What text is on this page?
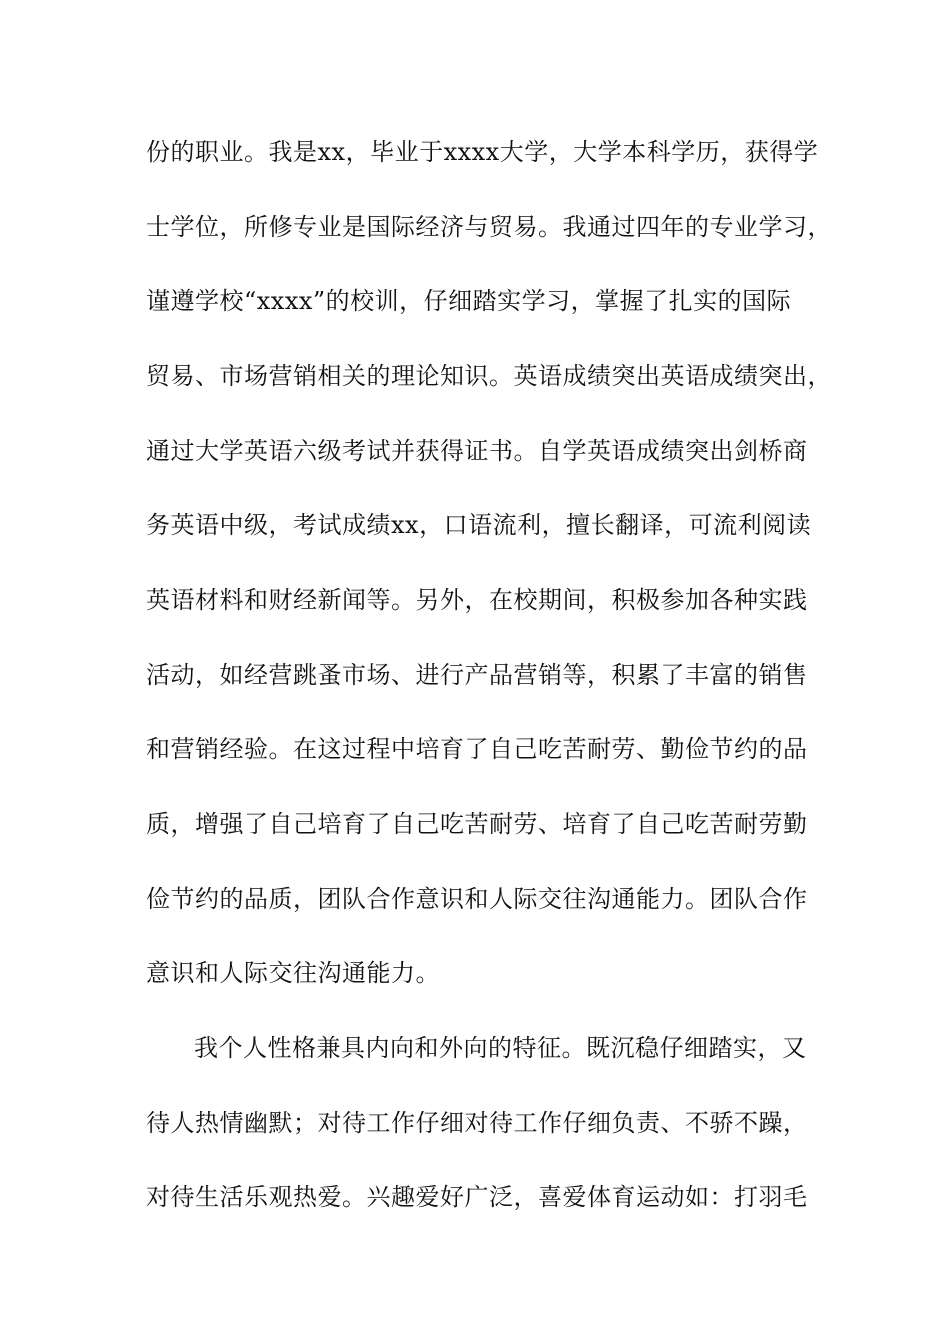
份的职业。我是xx，毕业于xxxx大学，大学本科学历，获得学
士学位，所修专业是国际经济与贸易。我通过四年的专业学习，
谨遵学校“xxxx”的校训，仔细踏实学习，掌握了扎实的国际
贸易、市场营销相关的理论知识。英语成绩突出英语成绩突出，
通过大学英语六级考试并获得证书。自学英语成绩突出剑桥商
务英语中级，考试成绩xx，口语流利，擅长翻译，可流利阅读
英语材料和财经新闻等。另外，在校期间，积极参加各种实践
活动，如经营跳蚤市场、进行产品营销等，积累了丰富的销售
和营销经验。在这过程中培育了自己吃苦耐劳、勤俭节约的品
质，增强了自己培育了自己吃苦耐劳、培育了自己吃苦耐劳勤
俭节约的品质，团队合作意识和人际交往沟通能力。团队合作
意识和人际交往沟通能力。
我个人性格兼具内向和外向的特征。既沉稳仔细踏实，又
待人热情幽默；对待工作仔细对待工作仔细负责、不骄不躁，
对待生活乐观热爱。兴趣爱好广泛，喜爱体育运动如：打羽毛
